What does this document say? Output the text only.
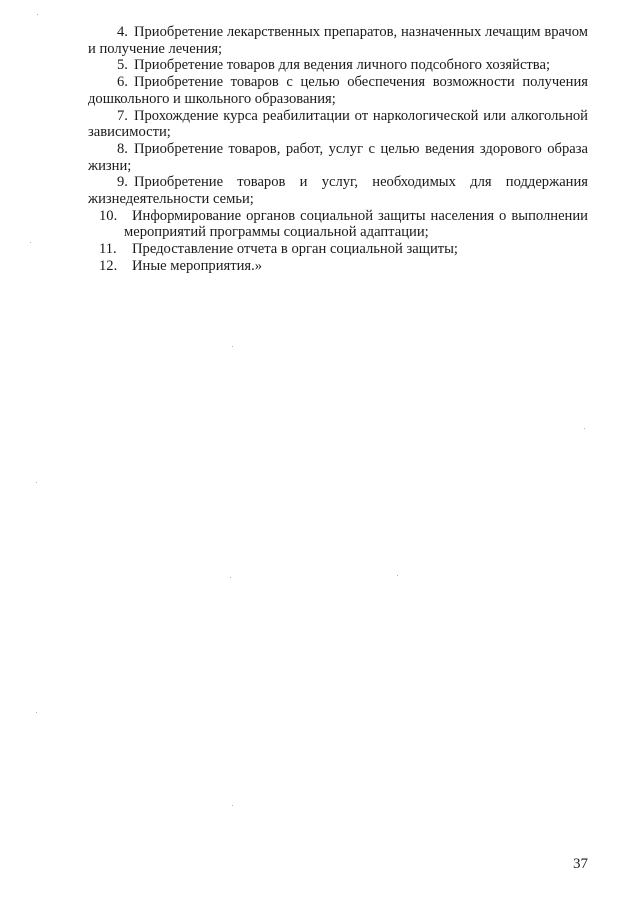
4. Приобретение лекарственных препаратов, назначенных лечащим врачом и получение лечения;

5. Приобретение товаров для ведения личного подсобного хозяйства;

6. Приобретение товаров с целью обеспечения возможности получения дошкольного и школьного образования;

7. Прохождение курса реабилитации от наркологической или алкогольной зависимости;

8. Приобретение товаров, работ, услуг с целью ведения здорового образа жизни;

9. Приобретение товаров и услуг, необходимых для поддержания жизнедеятельности семьи;

10. Информирование органов социальной защиты населения о выполнении мероприятий программы социальной адаптации;

11. Предоставление отчета в орган социальной защиты;

12. Иные мероприятия.»

37
